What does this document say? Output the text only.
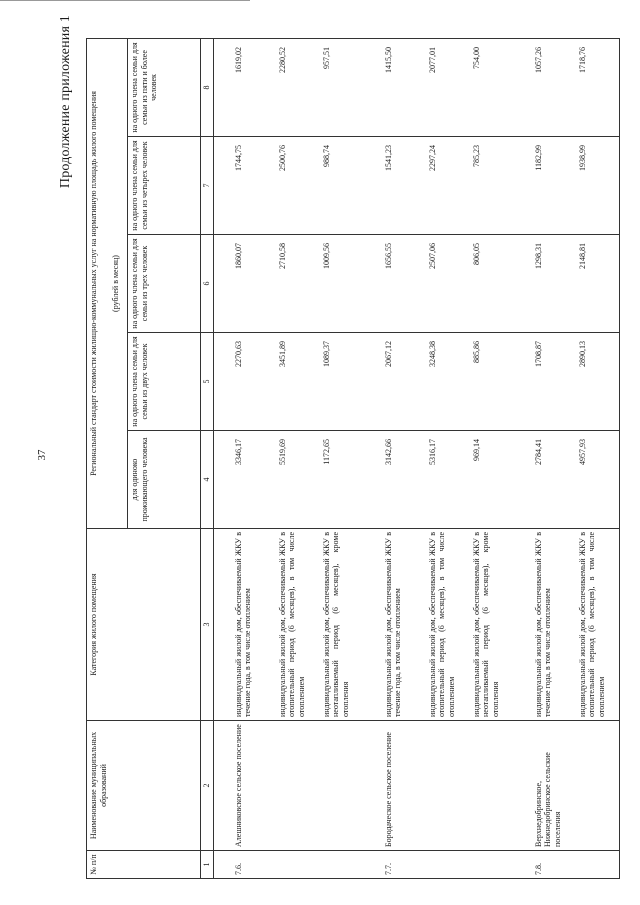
37
Продолжение приложения 1
№ п/п	Наименование муниципальных образований	Категория жилого помещения	Региональный стандарт стоимости жилищно-коммунальных услуг на нормативную площадь жилого помещения				
			(рублей в месяц)				
			для одиноко проживающего человека	на одного члена семьи для семьи из двух человек	на одного члена семьи для семьи из трех человек	на одного члена семьи для семьи из четырех человек	на одного члена семьи для семьи из пяти и более человек
1	2	3	4	5	6	7	8

7.6.	Алешниковское сельское поселение	индивидуальный жилой дом, обеспечиваемый ЖКУ в течение года, в том числе отоплением	3346,17	2270,63	1860,07	1744,75	1619,02
		индивидуальный жилой дом, обеспечиваемый ЖКУ в отопительный период (6 месяцев), в том числе отоплением	5519,69	3451,89	2710,58	2500,76	2280,52
		индивидуальный жилой дом, обеспечиваемый ЖКУ в неотапливаемый период (6 месяцев), кроме отопления	1172,65	1089,37	1009,56	988,74	957,51

7.7.	Бородаческое сельское поселение	индивидуальный жилой дом, обеспечиваемый ЖКУ в течение года, в том числе отоплением	3142,66	2067,12	1656,55	1541,23	1415,50
		индивидуальный жилой дом, обеспечиваемый ЖКУ в отопительный период (6 месяцев), в том числе отоплением	5316,17	3248,38	2507,06	2297,24	2077,01
		индивидуальный жилой дом, обеспечиваемый ЖКУ в неотапливаемый период (6 месяцев), кроме отопления	969,14	885,86	806,05	785,23	754,00

7.8.	Верхнедобринское, Нижнедобринское сельские поселения	индивидуальный жилой дом, обеспечиваемый ЖКУ в течение года, в том числе отоплением	2784,41	1708,87	1298,31	1182,99	1057,26
		индивидуальный жилой дом, обеспечиваемый ЖКУ в отопительный период (6 месяцев), в том числе отоплением	4957,93	2890,13	2148,81	1938,99	1718,76
